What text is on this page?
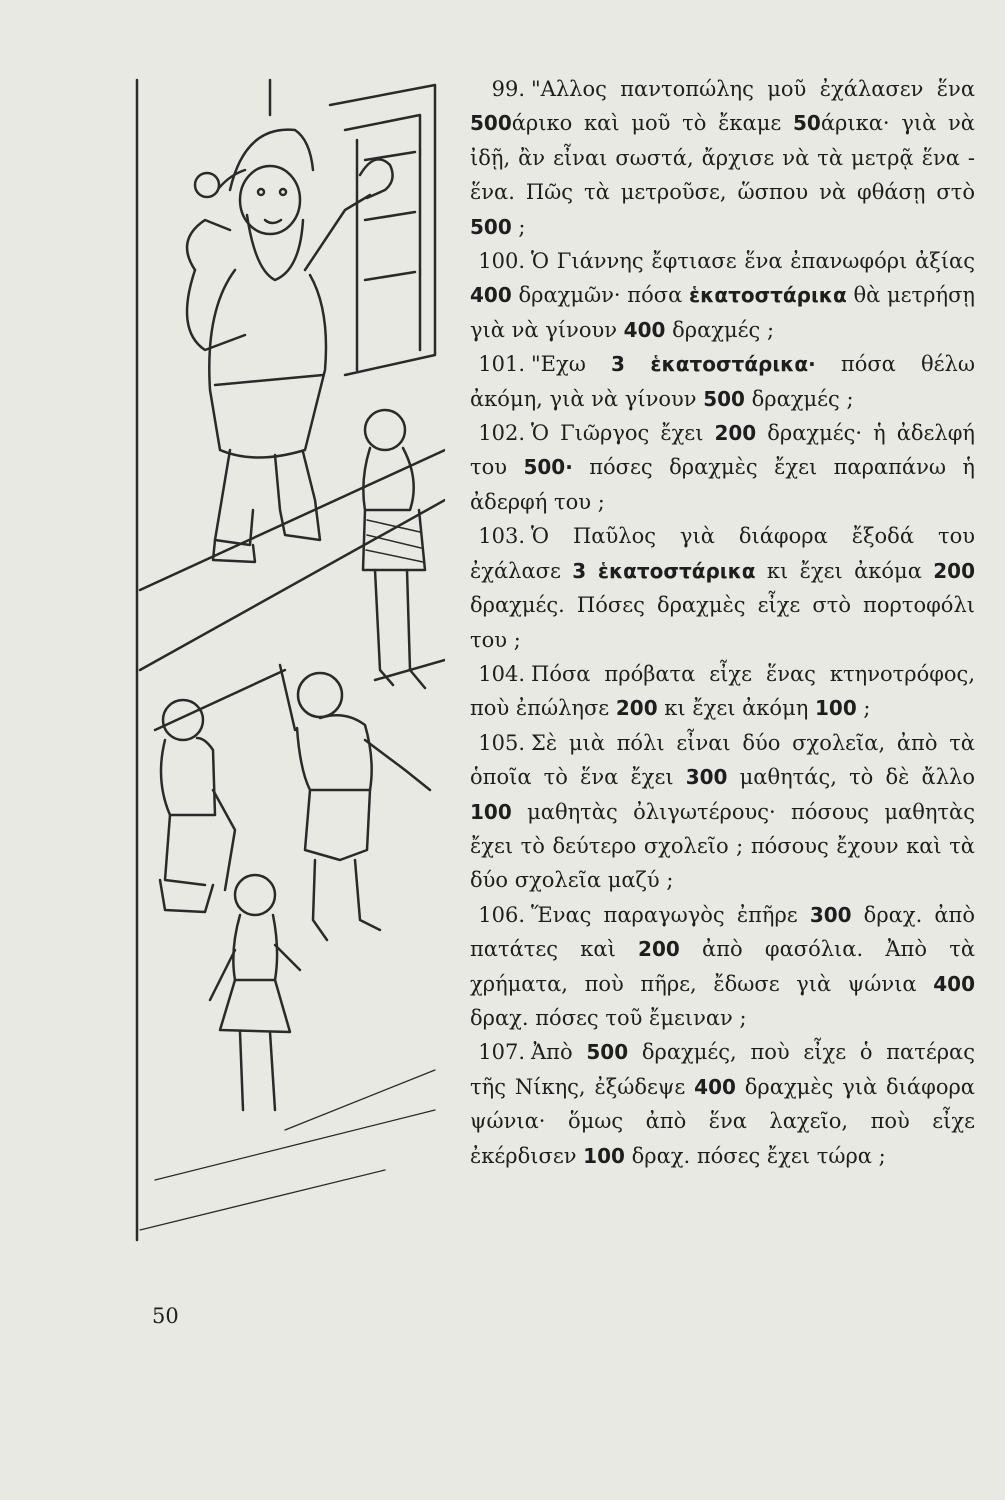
99. "Αλλος παντοπώλης μοῦ ἐχάλασεν ἕνα 500άρικο καὶ μοῦ τὸ ἔκαμε 50άρικα· γιὰ νὰ ἰδῇ, ἂν εἶναι σωστά, ἄρχισε νὰ τὰ μετρᾷ ἕνα - ἕνα. Πῶς τὰ μετροῦσε, ὥσπου νὰ φθάσῃ στὸ 500 ;

100. Ὁ Γιάννης ἔφτιασε ἕνα ἐπανωφόρι ἀξίας 400 δραχμῶν· πόσα ἑκατοστάρικα θὰ μετρήσῃ γιὰ νὰ γίνουν 400 δραχμές ;

101. "Εχω 3 ἑκατοστάρικα· πόσα θέλω ἀκόμη, γιὰ νὰ γίνουν 500 δραχμές ;

102. Ὁ Γιῶργος ἔχει 200 δραχμές· ἡ ἀδελφή του 500· πόσες δραχμὲς ἔχει παραπάνω ἡ ἀδερφή του ;

103. Ὁ Παῦλος γιὰ διάφορα ἔξοδά του ἐχάλασε 3 ἑκατοστάρικα κι ἔχει ἀκόμα 200 δραχμές. Πόσες δραχμὲς εἶχε στὸ πορτοφόλι του ;

104. Πόσα πρόβατα εἶχε ἕνας κτηνοτρόφος, ποὺ ἐπώλησε 200 κι ἔχει ἀκόμη 100 ;

105. Σὲ μιὰ πόλι εἶναι δύο σχολεῖα, ἀπὸ τὰ ὁποῖα τὸ ἕνα ἔχει 300 μαθητάς, τὸ δὲ ἄλλο 100 μαθητὰς ὀλιγωτέρους· πόσους μαθητὰς ἔχει τὸ δεύτερο σχολεῖο ; πόσους ἔχουν καὶ τὰ δύο σχολεῖα μαζύ ;

106. Ἕνας παραγωγὸς ἐπῆρε 300 δραχ. ἀπὸ πατάτες καὶ 200 ἀπὸ φασόλια. Ἀπὸ τὰ χρήματα, ποὺ πῆρε, ἔδωσε γιὰ ψώνια 400 δραχ. πόσες τοῦ ἔμειναν ;

107. Ἀπὸ 500 δραχμές, ποὺ εἶχε ὁ πατέρας τῆς Νίκης, ἐξώδεψε 400 δραχμὲς γιὰ διάφορα ψώνια· ὅμως ἀπὸ ἕνα λαχεῖο, ποὺ εἶχε ἐκέρδισεν 100 δραχ. πόσες ἔχει τώρα ;

50
